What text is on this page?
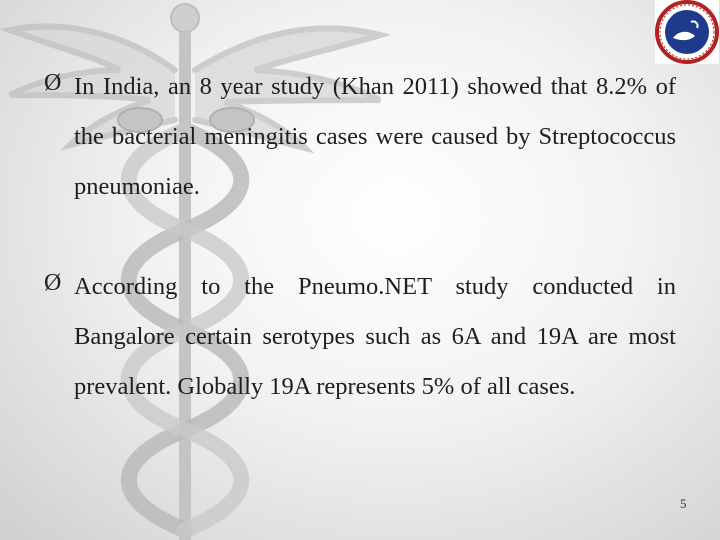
Ø In India, an 8 year study (Khan 2011) showed that 8.2% of the bacterial meningitis cases were caused by Streptococcus pneumoniae.
Ø According to the Pneumo.NET study conducted in Bangalore certain serotypes such as 6A and 19A are most prevalent. Globally 19A represents 5% of all cases.
5
